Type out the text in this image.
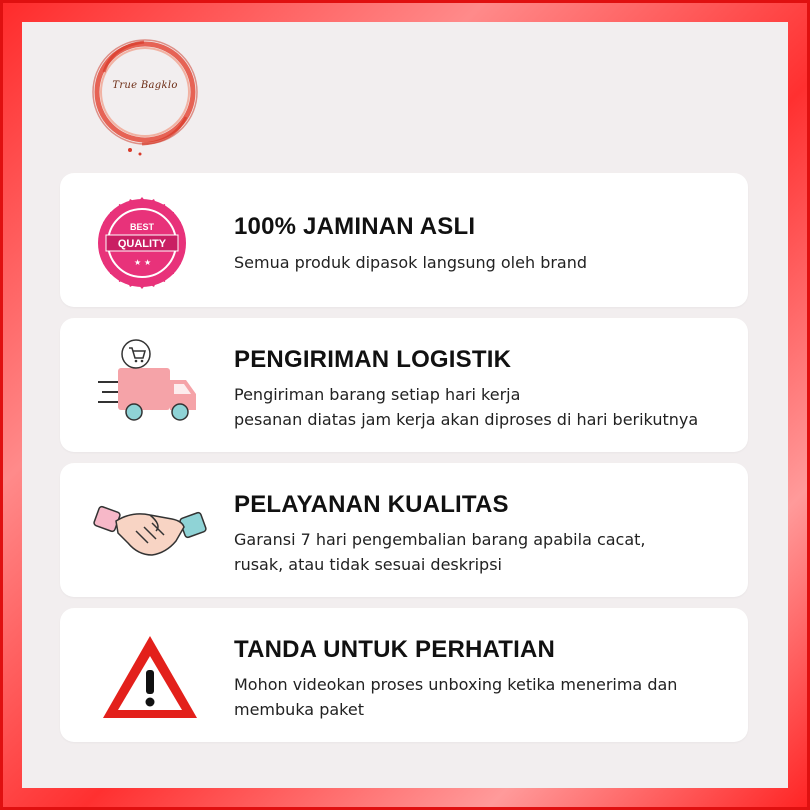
True Bagklo
QUALITY
BEST
★ ★
100% JAMINAN ASLI

Semua produk dipasok langsung oleh brand

PENGIRIMAN LOGISTIK

Pengiriman barang setiap hari kerja

pesanan diatas jam kerja akan diproses di hari berikutnya

PELAYANAN KUALITAS

Garansi 7 hari pengembalian barang apabila cacat,

rusak, atau tidak sesuai deskripsi

TANDA UNTUK PERHATIAN

Mohon videokan proses unboxing ketika menerima dan

membuka paket
